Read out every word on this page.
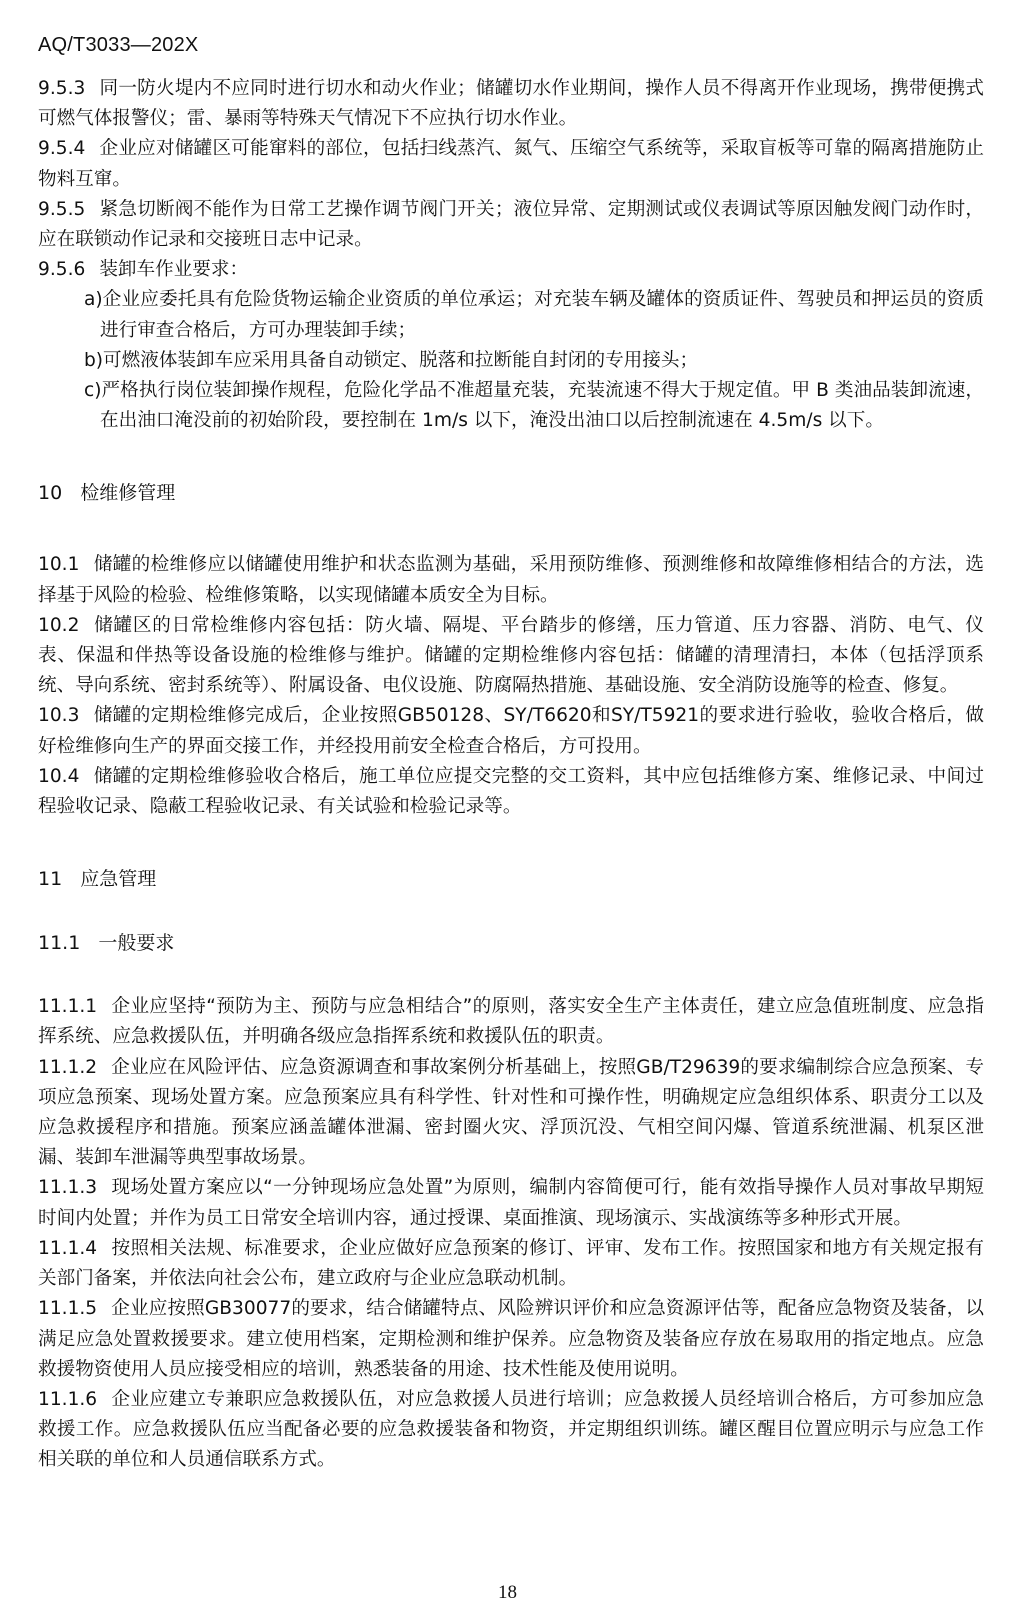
AQ/T3033—202X

9.5.3 同一防火堤内不应同时进行切水和动火作业；储罐切水作业期间，操作人员不得离开作业现场，携带便携式可燃气体报警仪；雷、暴雨等特殊天气情况下不应执行切水作业。

9.5.4 企业应对储罐区可能窜料的部位，包括扫线蒸汽、氮气、压缩空气系统等，采取盲板等可靠的隔离措施防止物料互窜。

9.5.5 紧急切断阀不能作为日常工艺操作调节阀门开关；液位异常、定期测试或仪表调试等原因触发阀门动作时，应在联锁动作记录和交接班日志中记录。

9.5.6 装卸车作业要求：

a)企业应委托具有危险货物运输企业资质的单位承运；对充装车辆及罐体的资质证件、驾驶员和押运员的资质进行审查合格后，方可办理装卸手续；

b)可燃液体装卸车应采用具备自动锁定、脱落和拉断能自封闭的专用接头；

c)严格执行岗位装卸操作规程，危险化学品不准超量充装，充装流速不得大于规定值。甲 B 类油品装卸流速，在出油口淹没前的初始阶段，要控制在 1m/s 以下，淹没出油口以后控制流速在 4.5m/s 以下。

10 检维修管理

10.1 储罐的检维修应以储罐使用维护和状态监测为基础，采用预防维修、预测维修和故障维修相结合的方法，选择基于风险的检验、检维修策略，以实现储罐本质安全为目标。

10.2 储罐区的日常检维修内容包括：防火墙、隔堤、平台踏步的修缮，压力管道、压力容器、消防、电气、仪表、保温和伴热等设备设施的检维修与维护。储罐的定期检维修内容包括：储罐的清理清扫，本体（包括浮顶系统、导向系统、密封系统等）、附属设备、电仪设施、防腐隔热措施、基础设施、安全消防设施等的检查、修复。

10.3 储罐的定期检维修完成后，企业按照GB50128、SY/T6620和SY/T5921的要求进行验收，验收合格后，做好检维修向生产的界面交接工作，并经投用前安全检查合格后，方可投用。

10.4 储罐的定期检维修验收合格后，施工单位应提交完整的交工资料，其中应包括维修方案、维修记录、中间过程验收记录、隐蔽工程验收记录、有关试验和检验记录等。

11 应急管理

11.1 一般要求

11.1.1 企业应坚持“预防为主、预防与应急相结合”的原则，落实安全生产主体责任，建立应急值班制度、应急指挥系统、应急救援队伍，并明确各级应急指挥系统和救援队伍的职责。

11.1.2 企业应在风险评估、应急资源调查和事故案例分析基础上，按照GB/T29639的要求编制综合应急预案、专项应急预案、现场处置方案。应急预案应具有科学性、针对性和可操作性，明确规定应急组织体系、职责分工以及应急救援程序和措施。预案应涵盖罐体泄漏、密封圈火灾、浮顶沉没、气相空间闪爆、管道系统泄漏、机泵区泄漏、装卸车泄漏等典型事故场景。

11.1.3 现场处置方案应以“一分钟现场应急处置”为原则，编制内容简便可行，能有效指导操作人员对事故早期短时间内处置；并作为员工日常安全培训内容，通过授课、桌面推演、现场演示、实战演练等多种形式开展。

11.1.4 按照相关法规、标准要求，企业应做好应急预案的修订、评审、发布工作。按照国家和地方有关规定报有关部门备案，并依法向社会公布，建立政府与企业应急联动机制。

11.1.5 企业应按照GB30077的要求，结合储罐特点、风险辨识评价和应急资源评估等，配备应急物资及装备，以满足应急处置救援要求。建立使用档案，定期检测和维护保养。应急物资及装备应存放在易取用的指定地点。应急救援物资使用人员应接受相应的培训，熟悉装备的用途、技术性能及使用说明。

11.1.6 企业应建立专兼职应急救援队伍，对应急救援人员进行培训；应急救援人员经培训合格后，方可参加应急救援工作。应急救援队伍应当配备必要的应急救援装备和物资，并定期组织训练。罐区醒目位置应明示与应急工作相关联的单位和人员通信联系方式。

18
